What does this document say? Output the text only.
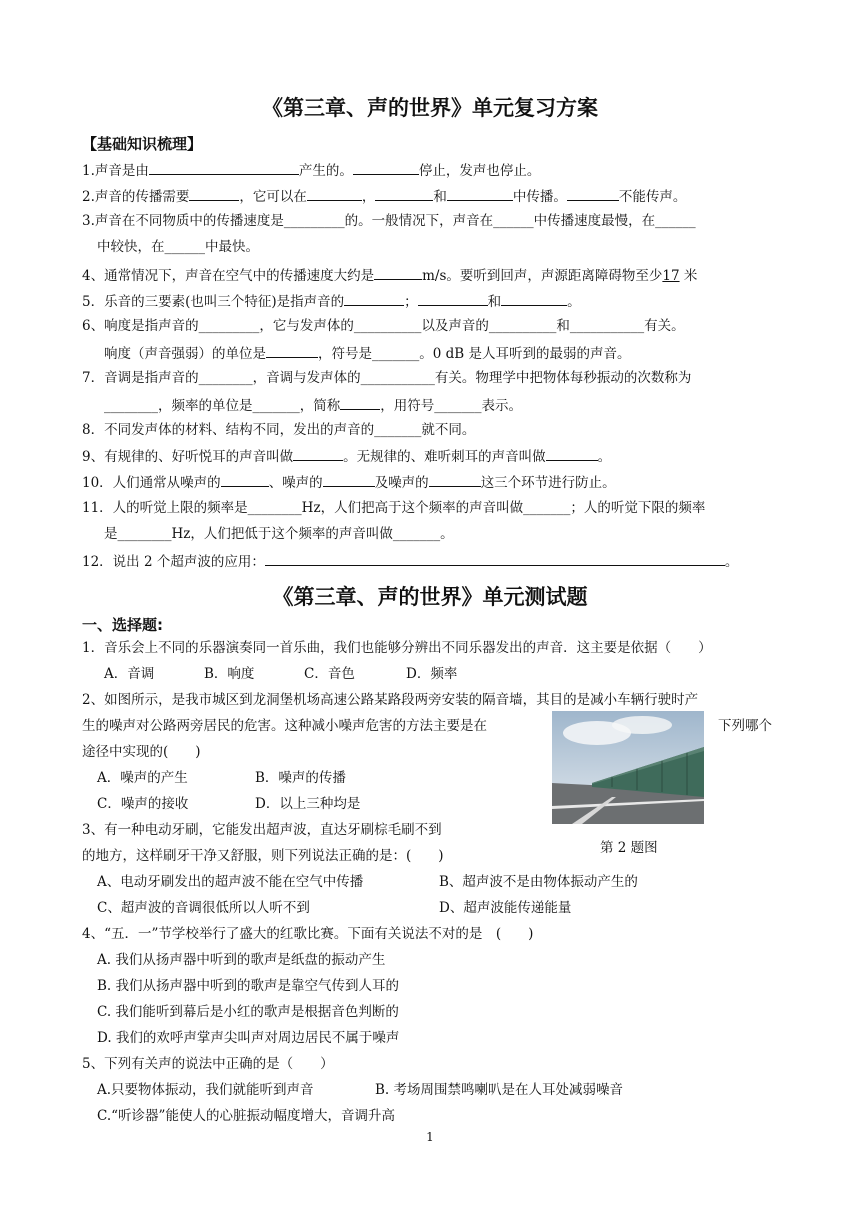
《第三章、声的世界》单元复习方案
【基础知识梳理】
1.声音是由	产生的。	停止，发声也停止。
2.声音的传播需要	，它可以在	，	和	中传播。	不能传声。
3.声音在不同物质中的传播速度是_________的。一般情况下，声音在______中传播速度最慢，在______
中较快，在______中最快。
4、通常情况下，声音在空气中的传播速度大约是	m/s。要听到回声，声源距离障碍物至少17 米
5．乐音的三要素(也叫三个特征)是指声音的	；	和	。
6、响度是指声音的_________，它与发声体的__________以及声音的__________和___________有关。
响度（声音强弱）的单位是	，符号是_______。0 dB 是人耳听到的最弱的声音。
7．音调是指声音的________，音调与发声体的___________有关。物理学中把物体每秒振动的次数称为
________，频率的单位是_______，简称	，用符号_______表示。
8．不同发声体的材料、结构不同，发出的声音的_______就不同。
9、有规律的、好听悦耳的声音叫做	。无规律的、难听刺耳的声音叫做	。
10．人们通常从噪声的	、噪声的	及噪声的	这三个环节进行防止。
11．人的听觉上限的频率是________Hz，人们把高于这个频率的声音叫做_______；人的听觉下限的频率
是________Hz，人们把低于这个频率的声音叫做_______。
12．说出 2 个超声波的应用：	。
《第三章、声的世界》单元测试题
一、选择题:
1．音乐会上不同的乐器演奏同一首乐曲，我们也能够分辨出不同乐器发出的声音．这主要是依据（　　）
A．音调	B．响度	C．音色	D．频率
2、如图所示，是我市城区到龙洞堡机场高速公路某路段两旁安装的隔音墙，其目的是减小车辆行驶时产
生的噪声对公路两旁居民的危害。这种减小噪声危害的方法主要是在	下列哪个
途径中实现的(　　)
A．噪声的产生	B．噪声的传播
C．噪声的接收	D．以上三种均是
第 2 题图
3、有一种电动牙刷，它能发出超声波，直达牙刷棕毛刷不到
的地方，这样刷牙干净又舒服，则下列说法正确的是：(　　)
A、电动牙刷发出的超声波不能在空气中传播	B、超声波不是由物体振动产生的
C、超声波的音调很低所以人听不到	D、超声波能传递能量
4、“五．一”节学校举行了盛大的红歌比赛。下面有关说法不对的是　(　　)
A. 我们从扬声器中听到的歌声是纸盘的振动产生
B. 我们从扬声器中听到的歌声是靠空气传到人耳的
C. 我们能听到幕后是小红的歌声是根据音色判断的
D. 我们的欢呼声掌声尖叫声对周边居民不属于噪声
5、下列有关声的说法中正确的是（　　）
A.只要物体振动，我们就能听到声音	B. 考场周围禁鸣喇叭是在人耳处减弱噪音
C.“听诊器”能使人的心脏振动幅度增大，音调升高
1
